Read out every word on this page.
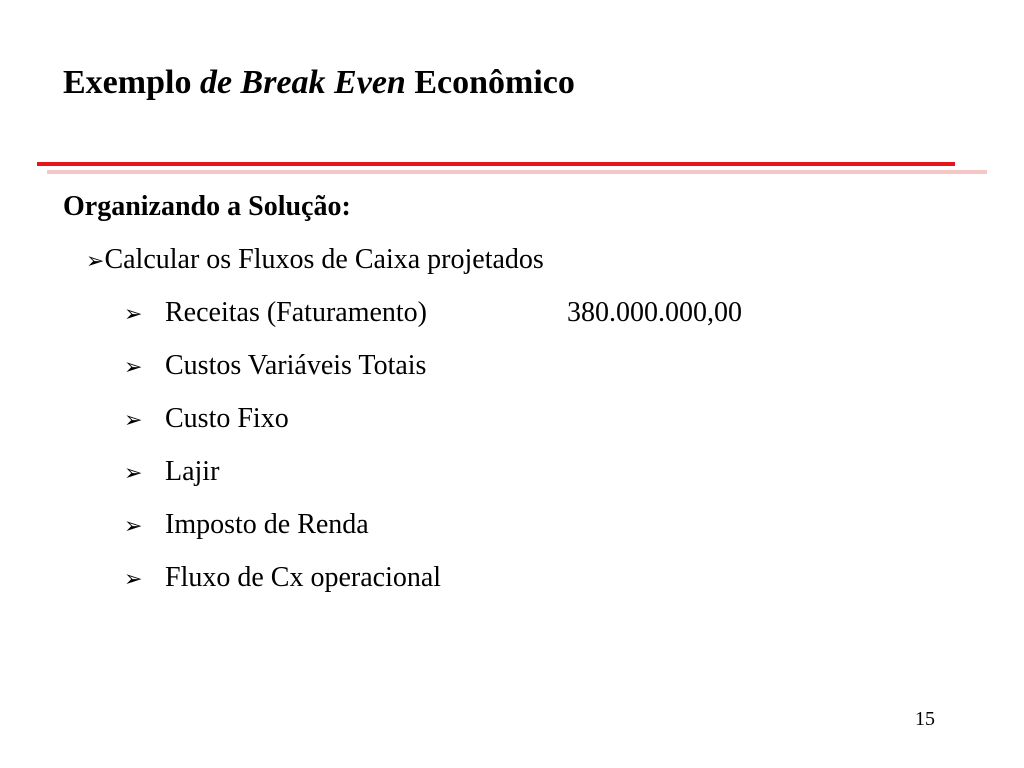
Exemplo de Break Even Econômico
Organizando a Solução:
➢ Calcular os Fluxos de Caixa projetados
➢ Receitas (Faturamento)	380.000.000,00
➢ Custos Variáveis Totais
➢ Custo Fixo
➢ Lajir
➢ Imposto de Renda
➢ Fluxo de Cx operacional
15
